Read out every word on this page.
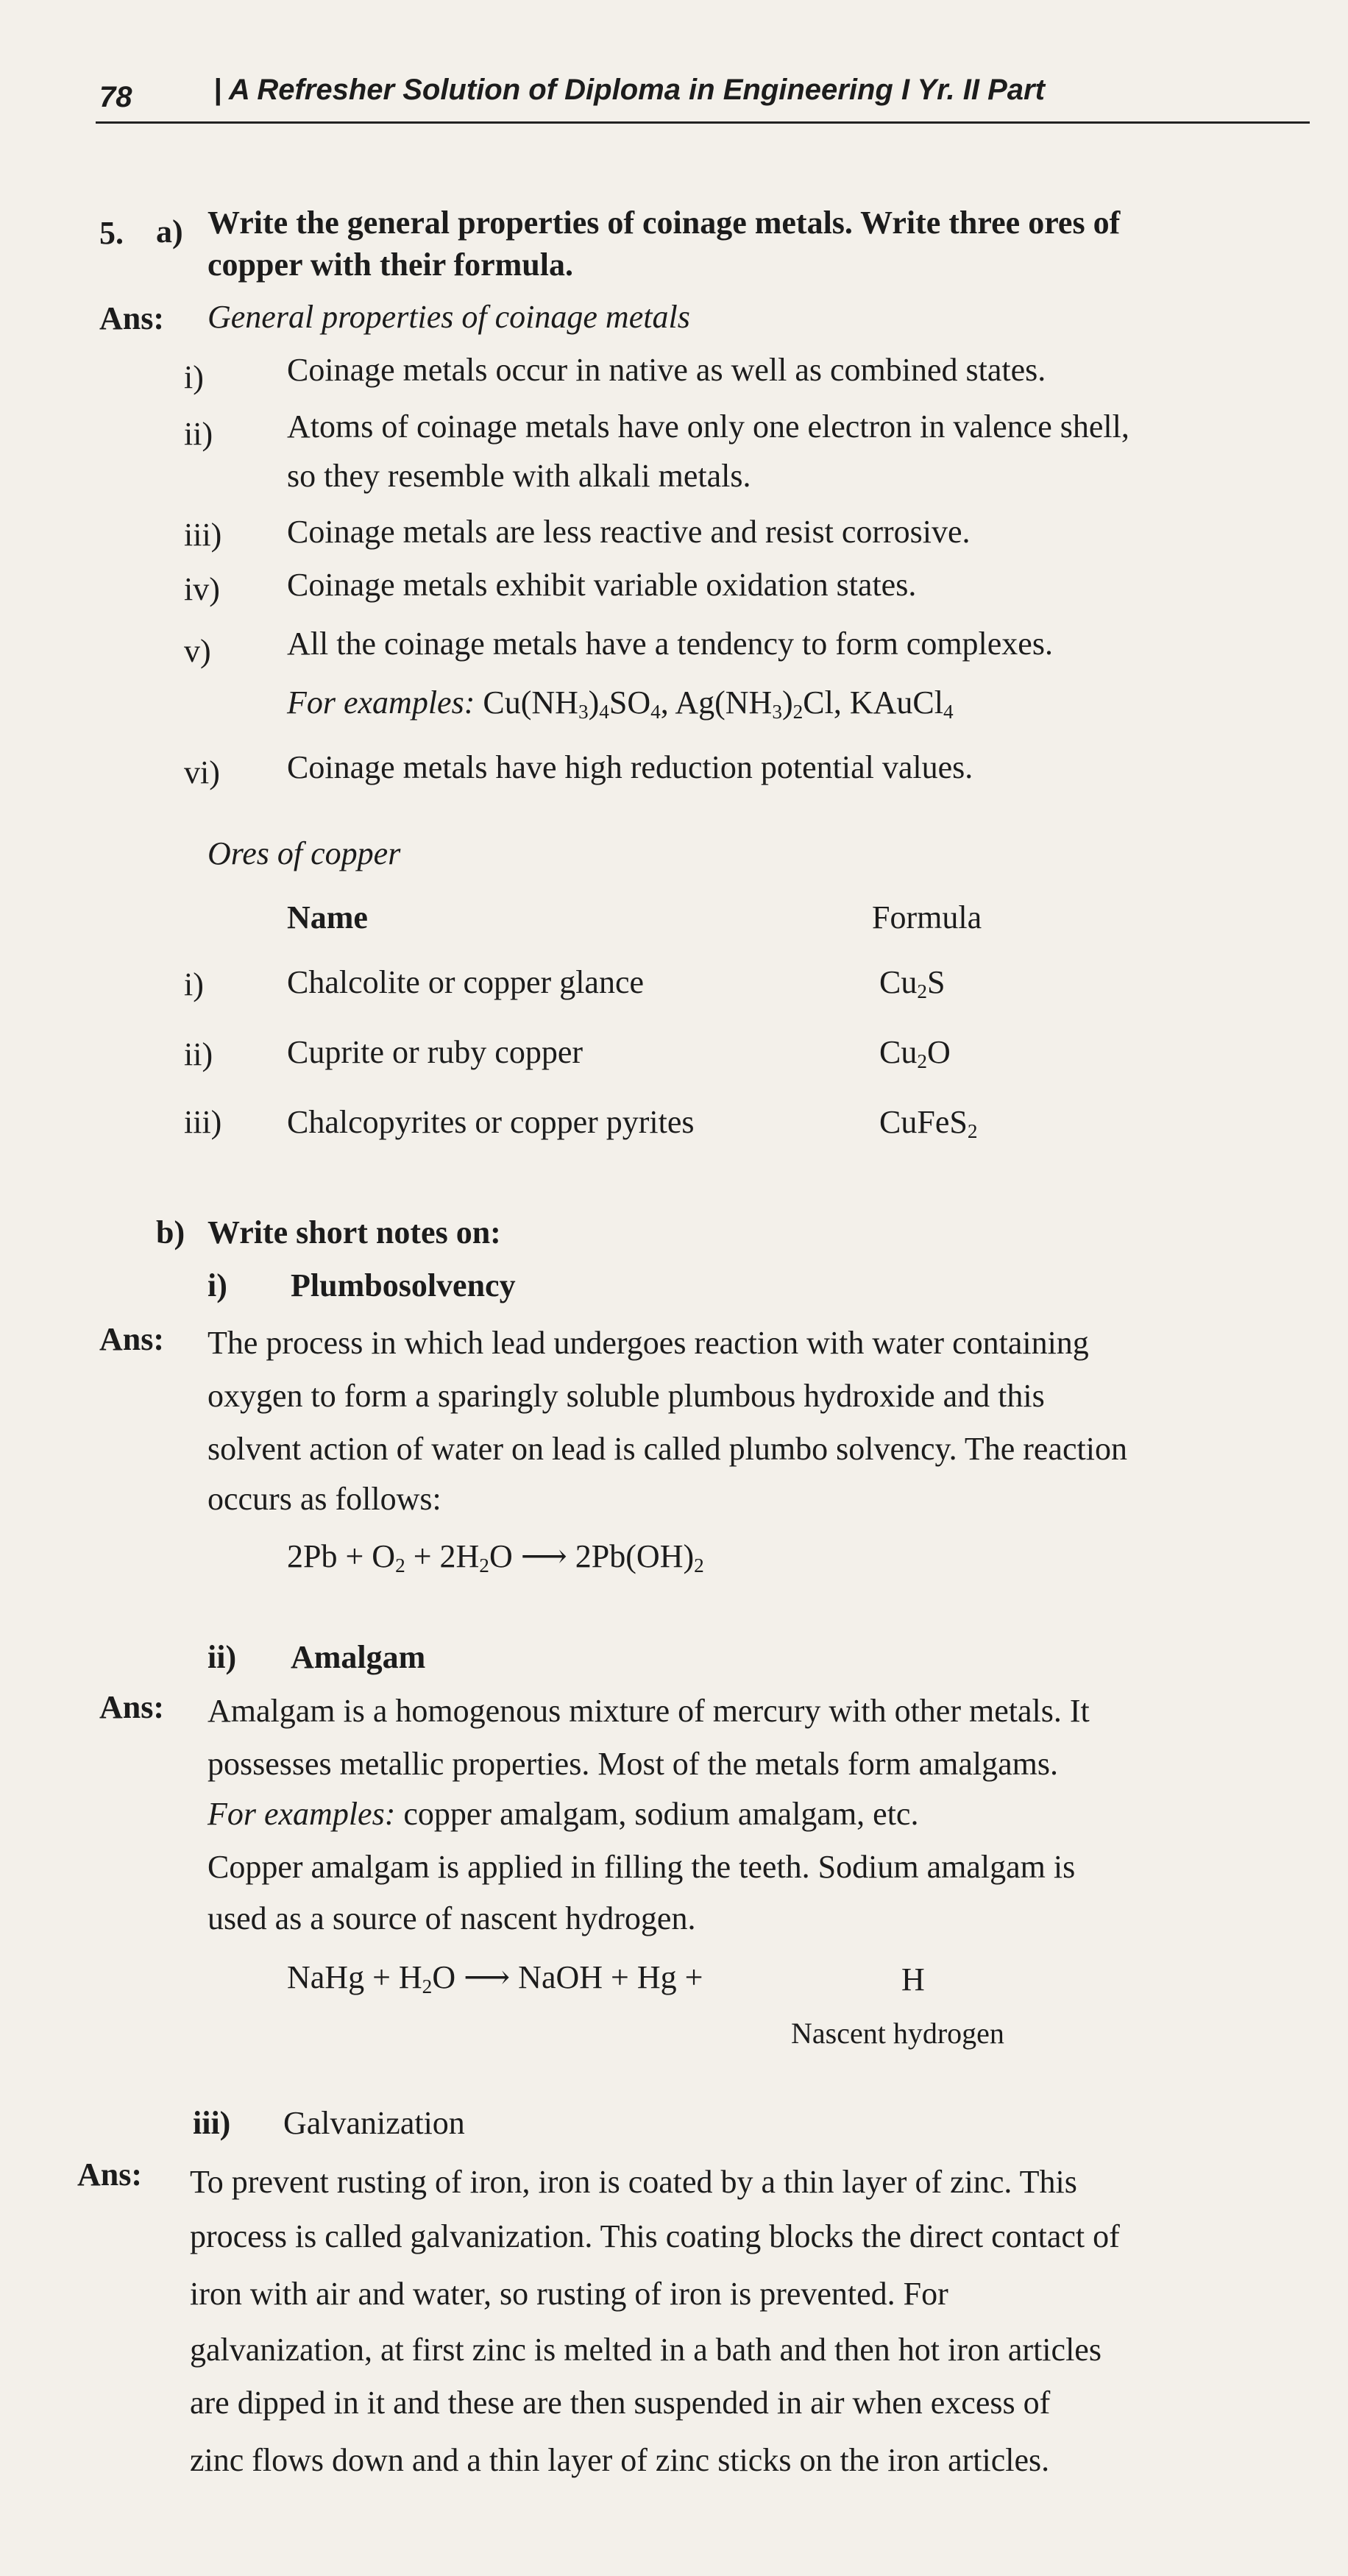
78	| A Refresher Solution of Diploma in Engineering I Yr. II Part
5. a) Write the general properties of coinage metals. Write three ores of
copper with their formula.
Ans: General properties of coinage metals
i)	Coinage metals occur in native as well as combined states.
ii) Atoms of coinage metals have only one electron in valence shell,
so they resemble with alkali metals.
iii) Coinage metals are less reactive and resist corrosive.
iv) Coinage metals exhibit variable oxidation states.
v) All the coinage metals have a tendency to form complexes.
For examples: $Cu(NH_3)_4SO_4$, $Ag(NH_3)_2Cl$, KAuCl$_4$
vi) Coinage metals have high reduction potential values.
Ores of copper
Name	Formula
i)	Chalcolite or copper glance	$Cu_2S$
ii) Cuprite or ruby copper	$Cu_2O$
iii) Chalcopyrites or copper pyrites	CuFeS$_2$
b) Write short notes on:
i) Plumbosolvency
Ans: The process in which lead undergoes reaction with water containing
oxygen to form a sparingly soluble plumbous hydroxide and this
solvent action of water on lead is called plumbo solvency. The reaction
occurs as follows:
$2Pb + O_2 + 2H_2O$ ⟶ $2Pb(OH)_2$
ii) Amalgam
Ans: Amalgam is a homogenous mixture of mercury with other metals. It
possesses metallic properties. Most of the metals form amalgams.
For examples: copper amalgam, sodium amalgam, etc.
Copper amalgam is applied in filling the teeth. Sodium amalgam is
used as a source of nascent hydrogen.
NaHg + $H_2O$ ⟶ NaOH + Hg +	H
Nascent hydrogen
iii) Galvanization
Ans: To prevent rusting of iron, iron is coated by a thin layer of zinc. This
process is called galvanization. This coating blocks the direct contact of
iron with air and water, so rusting of iron is prevented. For
galvanization, at first zinc is melted in a bath and then hot iron articles
are dipped in it and these are then suspended in air when excess of
zinc flows down and a thin layer of zinc sticks on the iron articles.
